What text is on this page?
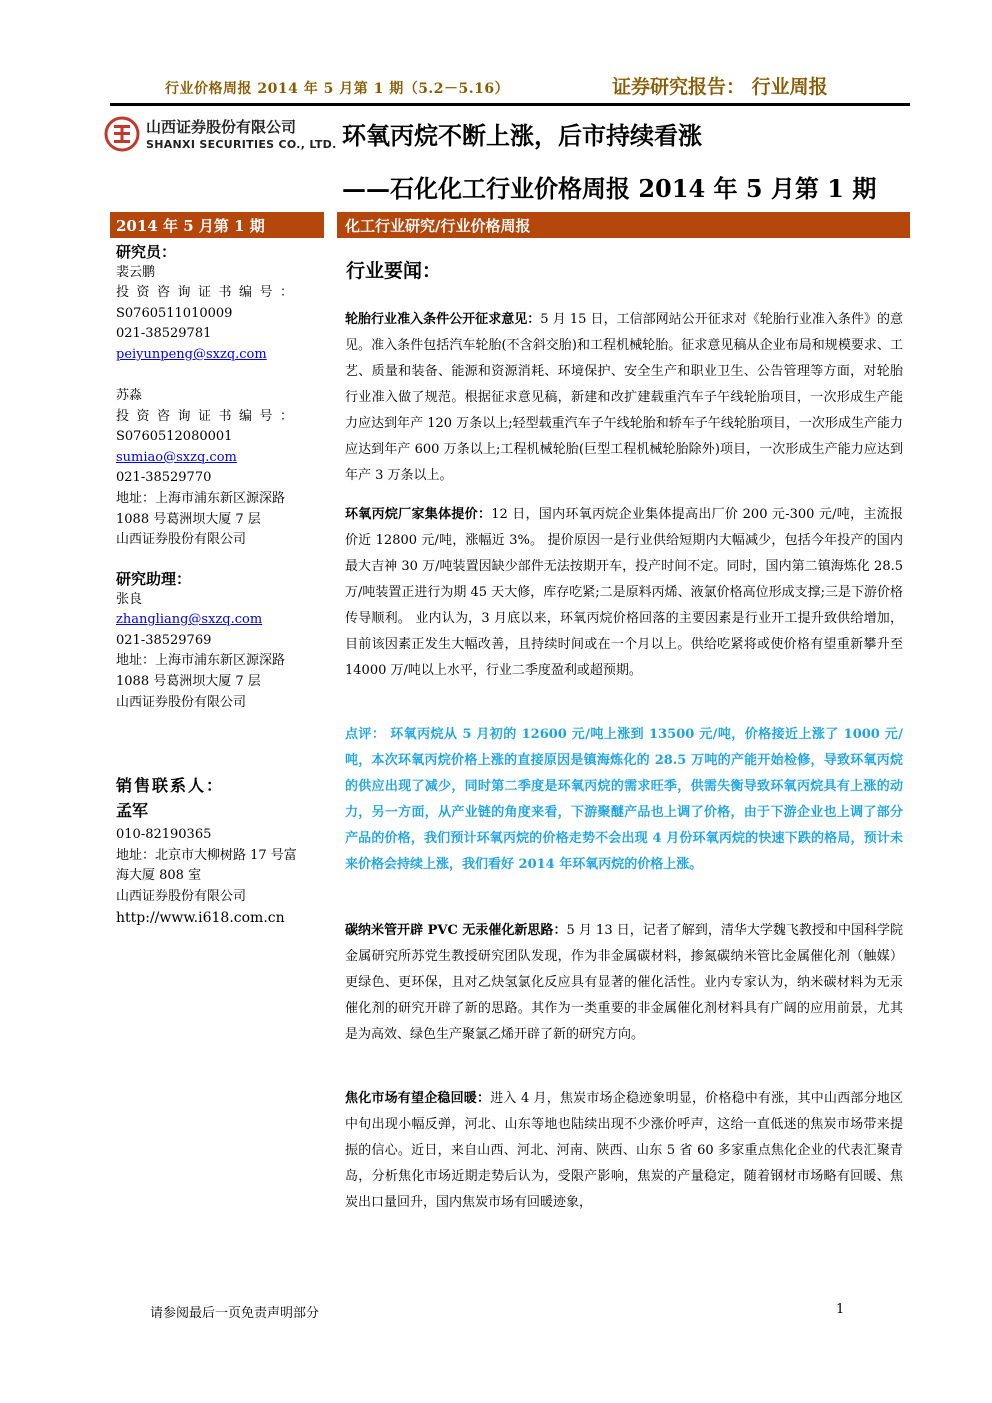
行业价格周报 2014 年 5 月第 1 期（5.2－5.16）	证券研究报告： 行业周报
山西证券股份有限公司
SHANXI SECURITIES CO., LTD. 环氧丙烷不断上涨，后市持续看涨
——石化化工行业价格周报 2014 年 5 月第 1 期
2014 年 5 月第 1 期	化工行业研究/行业价格周报
研究员：
裴云鹏
投资咨询证书编号：
S0760511010009
021-38529781
peiyunpeng@sxzq.com
苏淼
投资咨询证书编号：
S0760512080001
sumiao@sxzq.com
021-38529770
地址：上海市浦东新区源深路
1088 号葛洲坝大厦 7 层
山西证券股份有限公司
研究助理：
张良
zhangliang@sxzq.com
021-38529769
地址：上海市浦东新区源深路
1088 号葛洲坝大厦 7 层
山西证券股份有限公司
销售联系人：
孟军
010-82190365
地址：北京市大柳树路 17 号富
海大厦 808 室
山西证券股份有限公司
http://www.i618.com.cn
行业要闻：
轮胎行业准入条件公开征求意见：5 月 15 日，工信部网站公开征求对《轮胎行业准入条件》的意见。准入条件包括汽车轮胎(不含斜交胎)和工程机械轮胎。征求意见稿从企业布局和规模要求、工艺、质量和装备、能源和资源消耗、环境保护、安全生产和职业卫生、公告管理等方面，对轮胎行业准入做了规范。根据征求意见稿，新建和改扩建载重汽车子午线轮胎项目，一次形成生产能力应达到年产 120 万条以上;轻型载重汽车子午线轮胎和轿车子午线轮胎项目，一次形成生产能力应达到年产 600 万条以上;工程机械轮胎(巨型工程机械轮胎除外)项目，一次形成生产能力应达到年产 3 万条以上。
环氧丙烷厂家集体提价：12 日，国内环氧丙烷企业集体提高出厂价 200 元-300 元/吨，主流报价近 12800 元/吨，涨幅近 3%。 提价原因一是行业供给短期内大幅减少，包括今年投产的国内最大吉神 30 万/吨装置因缺少部件无法按期开车，投产时间不定。同时，国内第二镇海炼化 28.5 万/吨装置正进行为期 45 天大修，库存吃紧;二是原料丙烯、液氯价格高位形成支撑;三是下游价格传导顺利。 业内认为，3 月底以来，环氧丙烷价格回落的主要因素是行业开工提升致供给增加，目前该因素正发生大幅改善，且持续时间或在一个月以上。供给吃紧将或使价格有望重新攀升至 14000 万/吨以上水平，行业二季度盈利或超预期。
点评： 环氧丙烷从 5 月初的 12600 元/吨上涨到 13500 元/吨，价格接近上涨了 1000 元/吨，本次环氧丙烷价格上涨的直接原因是镇海炼化的 28.5 万吨的产能开始检修，导致环氧丙烷的供应出现了减少，同时第二季度是环氧丙烷的需求旺季，供需失衡导致环氧丙烷具有上涨的动力，另一方面，从产业链的角度来看，下游聚醚产品也上调了价格，由于下游企业也上调了部分产品的价格，我们预计环氧丙烷的价格走势不会出现 4 月份环氧丙烷的快速下跌的格局，预计未来价格会持续上涨，我们看好 2014 年环氧丙烷的价格上涨。
碳纳米管开辟 PVC 无汞催化新思路：5 月 13 日，记者了解到，清华大学魏飞教授和中国科学院金属研究所苏党生教授研究团队发现，作为非金属碳材料，掺氮碳纳米管比金属催化剂（触媒）更绿色、更环保，且对乙炔氢氯化反应具有显著的催化活性。业内专家认为，纳米碳材料为无汞催化剂的研究开辟了新的思路。其作为一类重要的非金属催化剂材料具有广阔的应用前景，尤其是为高效、绿色生产聚氯乙烯开辟了新的研究方向。
焦化市场有望企稳回暖：进入 4 月，焦炭市场企稳迹象明显，价格稳中有涨，其中山西部分地区中旬出现小幅反弹，河北、山东等地也陆续出现不少涨价呼声，这给一直低迷的焦炭市场带来提振的信心。近日，来自山西、河北、河南、陕西、山东 5 省 60 多家重点焦化企业的代表汇聚青岛，分析焦化市场近期走势后认为，受限产影响，焦炭的产量稳定，随着钢材市场略有回暖、焦炭出口量回升，国内焦炭市场有回暖迹象，
请参阅最后一页免责声明部分	1
